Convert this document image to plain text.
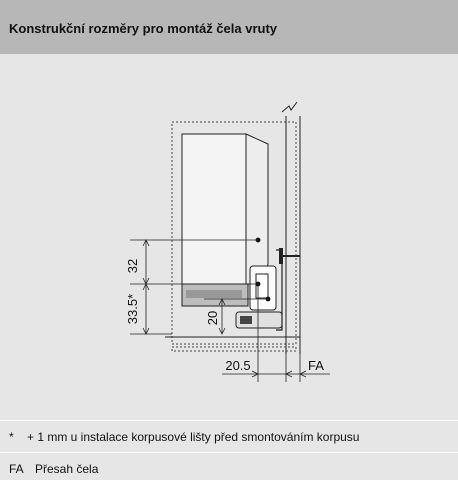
Konstrukční rozměry pro montáž čela vruty
32
33.5*	20
20.5	FA
* + 1 mm u instalace korpusové lišty před smontováním korpusu
FA Přesah čela
